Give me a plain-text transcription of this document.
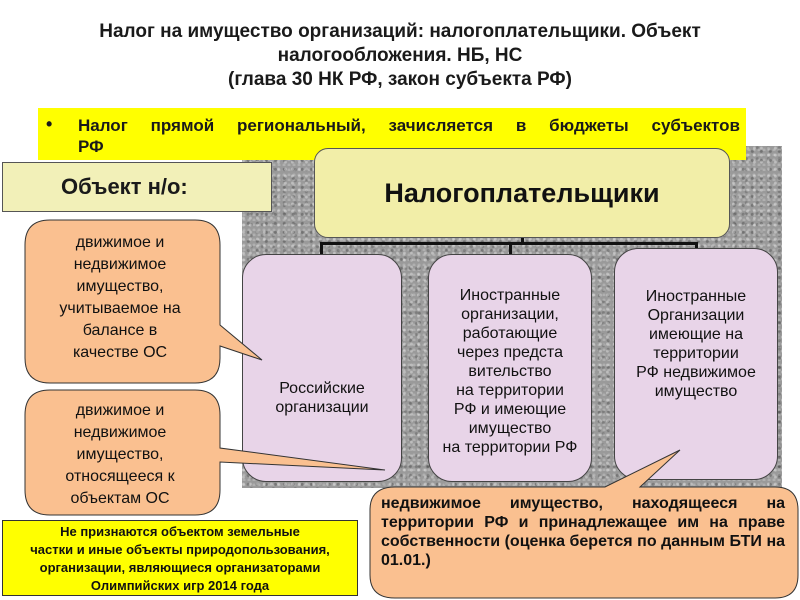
Налог на имущество организаций: налогоплательщики. Объект
налогообложения. НБ, НС
(глава 30 НК РФ, закон субъекта РФ)
• Налог прямой региональный, зачисляется в бюджеты субъектов
РФ
Объект н/о:	Налогоплательщики
Российские
организации
Иностранные
организации,
работающие
через предста
вительство
на территории
РФ и имеющие
имущество
на территории РФ
Иностранные
Организации
имеющие на
территории
РФ недвижимое
имущество
движимое и
недвижимое
имущество,
учитываемое на
балансе в
качестве ОС
движимое и
недвижимое
имущество,
относящееся к
объектам ОС	недвижимое имущество, находящееся на территории РФ и принадлежащее им на праве собственности (оценка берется по данным БТИ на 01.01.)
Не признаются объектом земельные
частки и иные объекты природопользования,
организации, являющиеся организаторами
Олимпийских игр 2014 года
